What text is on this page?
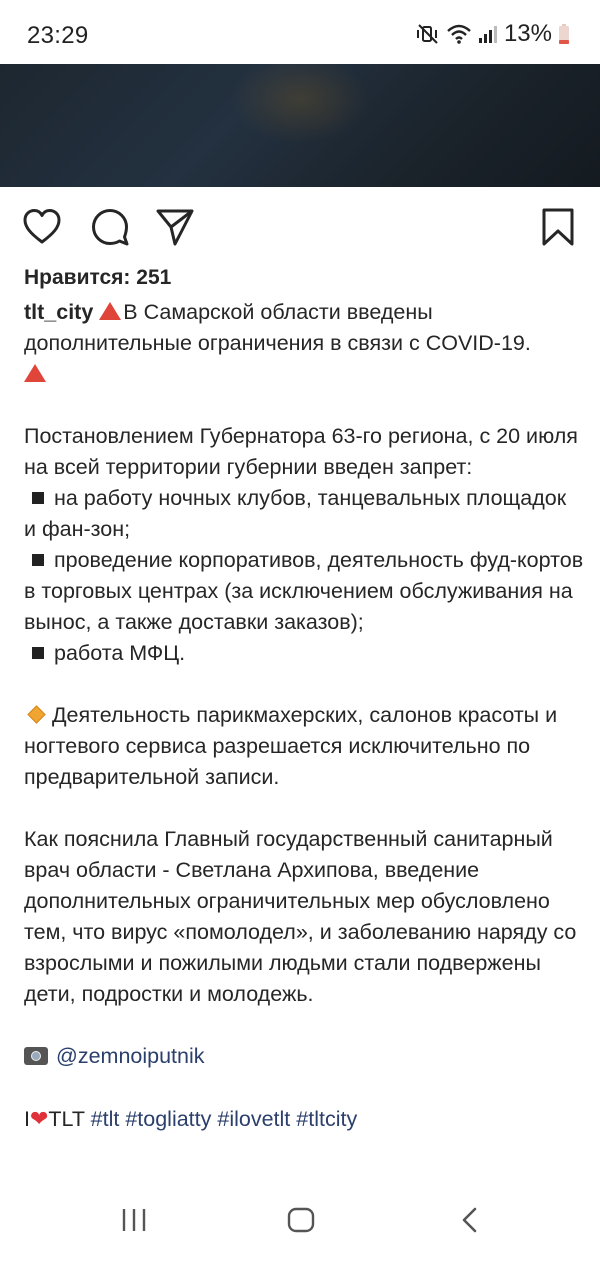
23:29	13%
Нравится: 251

tlt_city В Самарской области введены дополнительные ограничения в связи с COVID-19.

Постановлением Губернатора 63-го региона, с 20 июля на всей территории губернии введен запрет:

на работу ночных клубов, танцевальных площадок и фан-зон;

проведение корпоративов, деятельность фуд-кортов в торговых центрах (за исключением обслуживания на вынос, а также доставки заказов);

работа МФЦ.

Деятельность парикмахерских, салонов красоты и ногтевого сервиса разрешается исключительно по предварительной записи.

Как пояснила Главный государственный санитарный врач области - Светлана Архипова, введение дополнительных ограничительных мер обусловлено тем, что вирус «помолодел», и заболеванию наряду со взрослыми и пожилыми людьми стали подвержены дети, подростки и молодежь.

@zemnoiputnik

I❤TLT #tlt #togliatty #ilovetlt #tltcity
